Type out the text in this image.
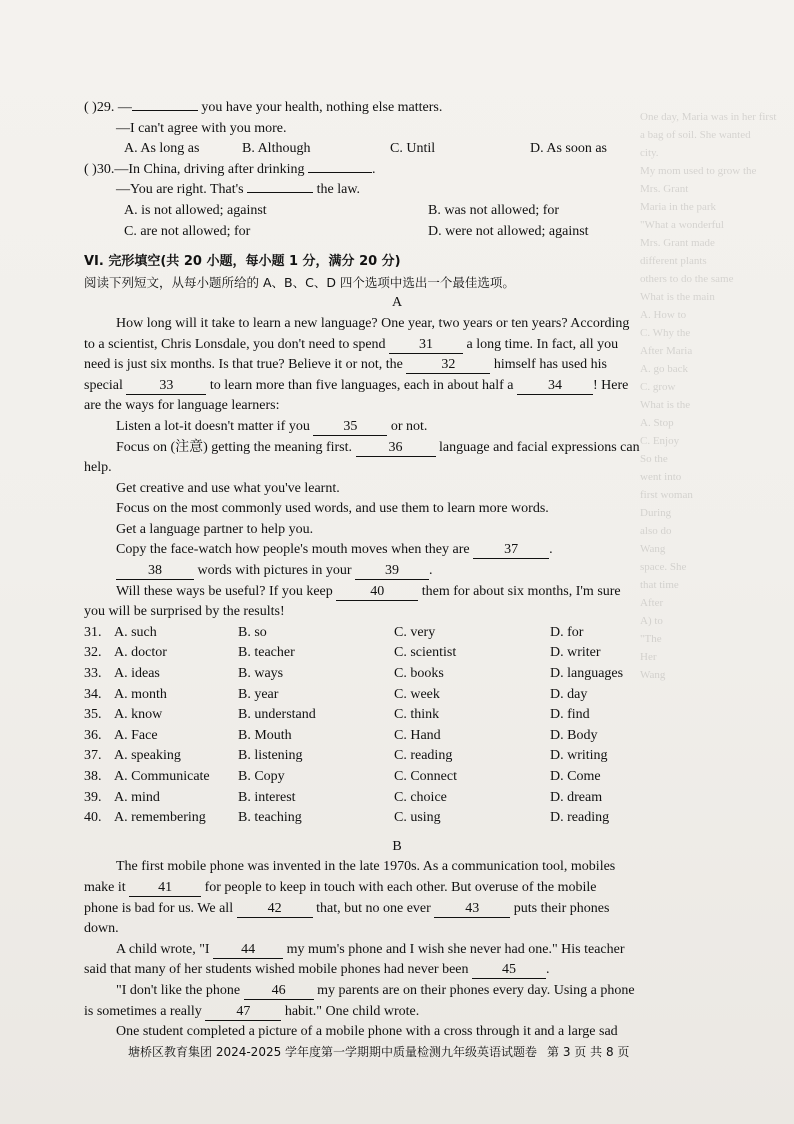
One day, Maria was in her first
a bag of soil. She wanted
city.
My mom used to grow the
Mrs. Grant
Maria in the park
"What a wonderful
Mrs. Grant made
different plants
others to do the same
What is the main
A. How to
C. Why the
After Maria
A. go back
C. grow
What is the
A. Stop
C. Enjoy
So the
went into
first woman
During
also do
Wang
space. She
that time
After
A) to
"The
Her
Wang
( )29. —	you have your health, nothing else matters.
—I can't agree with you more.
A. As long as	B. Although	C. Until	D. As soon as
( )30.—In China, driving after drinking	.
—You are right. That's	the law.
A. is not allowed; against	B. was not allowed; for
C. are not allowed; for	D. were not allowed; against
VI. 完形填空(共 20 小题，每小题 1 分，满分 20 分)
阅读下列短文，从每小题所给的 A、B、C、D 四个选项中选出一个最佳选项。
A
How long will it take to learn a new language? One year, two years or ten years? According
to a scientist, Chris Lonsdale, you don't need to spend 31 a long time. In fact, all you
need is just six months. Is that true? Believe it or not, the	32	himself has used his
special	33 to learn more than five languages, each in about half a 34 ! Here
are the ways for language learners:
Listen a lot-it doesn't matter if you 35 or not.
Focus on (注意) getting the meaning first.	36 language and facial expressions can
help.
Get creative and use what you've learnt.
Focus on the most commonly used words, and use them to learn more words.
Get a language partner to help you.
Copy the face-watch how people's mouth moves when they are 37 .
38 words with pictures in your 39 .
Will these ways be useful? If you keep	40 them for about six months, I'm sure
you will be surprised by the results!
31. A. such	B. so	C. very	D. for
32. A. doctor	B. teacher	C. scientist	D. writer
33. A. ideas	B. ways	C. books	D. languages
34. A. month	B. year	C. week	D. day
35. A. know	B. understand	C. think	D. find
36. A. Face	B. Mouth	C. Hand	D. Body
37. A. speaking	B. listening	C. reading	D. writing
38. A. Communicate	B. Copy	C. Connect	D. Come
39. A. mind	B. interest	C. choice	D. dream
40. A. remembering	B. teaching	C. using	D. reading
B
The first mobile phone was invented in the late 1970s. As a communication tool, mobiles
make it 41 for people to keep in touch with each other. But overuse of the mobile
phone is bad for us. We all 42 that, but no one ever 43 puts their phones
down.
A child wrote, "I 44 my mum's phone and I wish she never had one." His teacher
said that many of her students wished mobile phones had never been 45 .
"I don't like the phone 46 my parents are on their phones every day. Using a phone
is sometimes a really 47 habit." One child wrote.
One student completed a picture of a mobile phone with a cross through it and a large sad
塘桥区教育集团 2024-2025 学年度第一学期期中质量检测九年级英语试题卷 第 3 页 共 8 页
